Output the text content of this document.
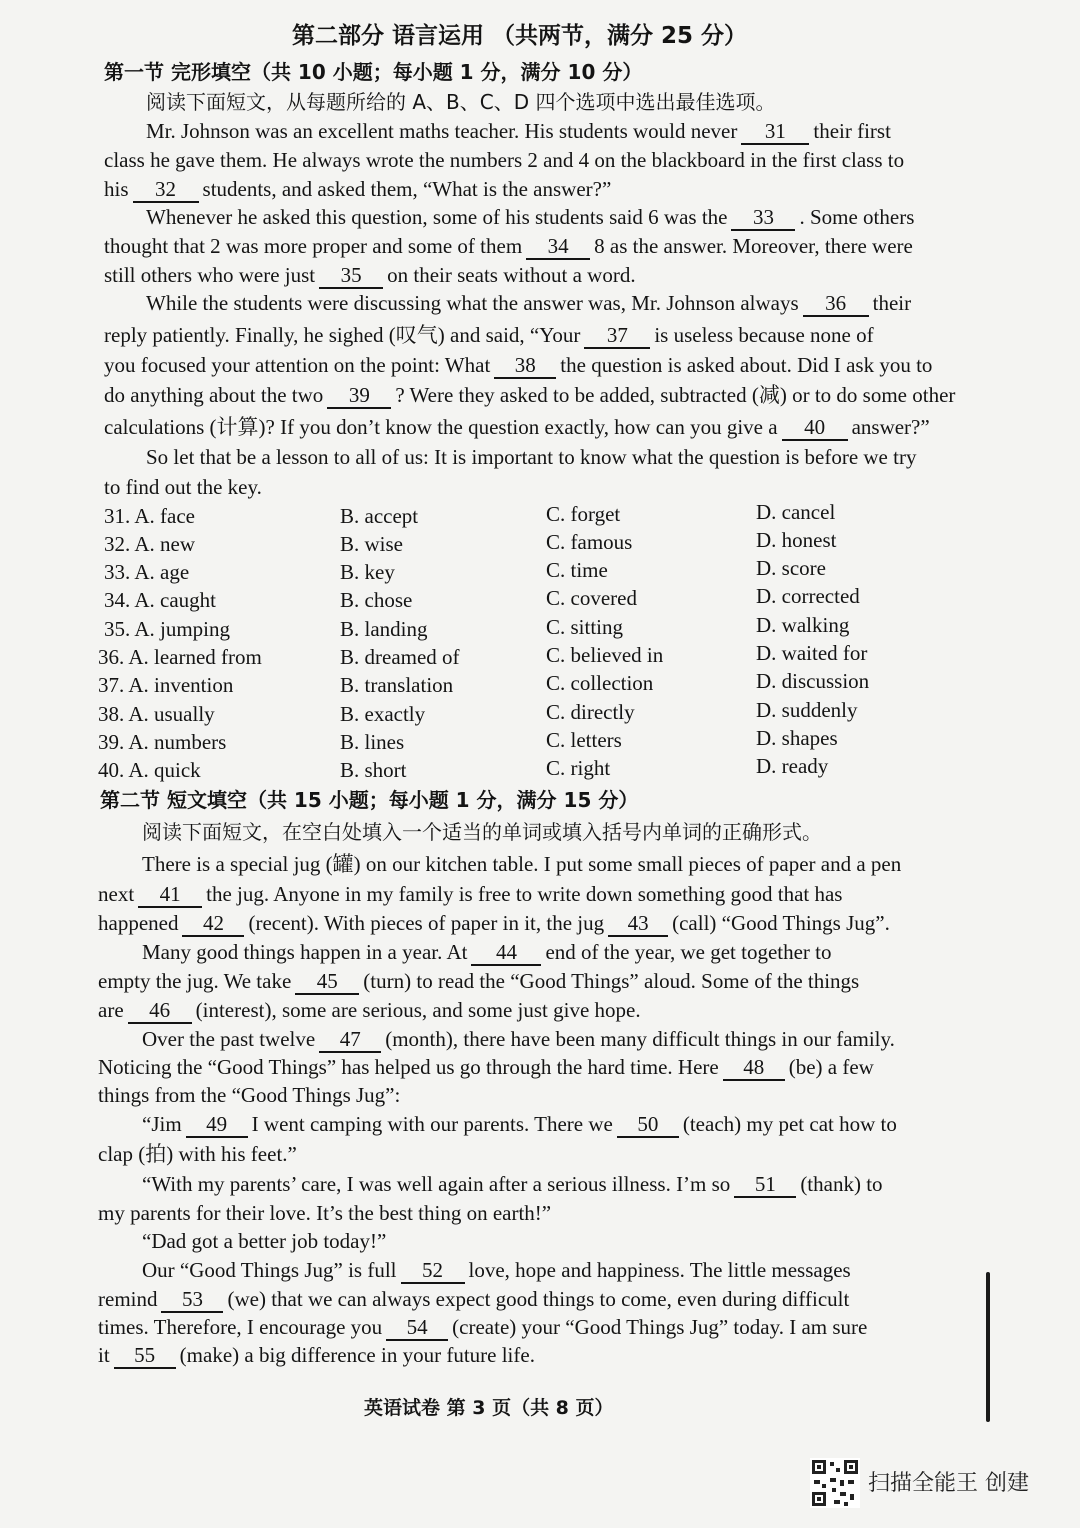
第二部分 语言运用 （共两节，满分 25 分）
第一节 完形填空（共 10 小题；每小题 1 分，满分 10 分）
阅读下面短文，从每题所给的 A、B、C、D 四个选项中选出最佳选项。
Mr. Johnson was an excellent maths teacher. His students would never 31 their first
class he gave them. He always wrote the numbers 2 and 4 on the blackboard in the first class to
his 32 students, and asked them, “What is the answer?”
Whenever he asked this question, some of his students said 6 was the 33 . Some others
thought that 2 was more proper and some of them 34 8 as the answer. Moreover, there were
still others who were just 35 on their seats without a word.
While the students were discussing what the answer was, Mr. Johnson always 36 their
reply patiently. Finally, he sighed (叹气) and said, “Your 37 is useless because none of
you focused your attention on the point: What 38 the question is asked about. Did I ask you to
do anything about the two 39 ? Were they asked to be added, subtracted (减) or to do some other
calculations (计算)? If you don’t know the question exactly, how can you give a 40 answer?”
So let that be a lesson to all of us: It is important to know what the question is before we try
to find out the key.
31. A. face	B. accept	C. forget	D. cancel
32. A. new	B. wise	C. famous	D. honest
33. A. age	B. key	C. time	D. score
34. A. caught	B. chose	C. covered	D. corrected
35. A. jumping	B. landing	C. sitting	D. walking
36. A. learned from	B. dreamed of	C. believed in	D. waited for
37. A. invention	B. translation	C. collection	D. discussion
38. A. usually	B. exactly	C. directly	D. suddenly
39. A. numbers	B. lines	C. letters	D. shapes
40. A. quick	B. short	C. right	D. ready
第二节 短文填空（共 15 小题；每小题 1 分，满分 15 分）
阅读下面短文，在空白处填入一个适当的单词或填入括号内单词的正确形式。
There is a special jug (罐) on our kitchen table. I put some small pieces of paper and a pen
next 41 the jug. Anyone in my family is free to write down something good that has
happened 42 (recent). With pieces of paper in it, the jug 43 (call) “Good Things Jug”.
Many good things happen in a year. At 44 end of the year, we get together to
empty the jug. We take 45 (turn) to read the “Good Things” aloud. Some of the things
are 46 (interest), some are serious, and some just give hope.
Over the past twelve 47 (month), there have been many difficult things in our family.
Noticing the “Good Things” has helped us go through the hard time. Here 48 (be) a few
things from the “Good Things Jug”:
“Jim 49 I went camping with our parents. There we 50 (teach) my pet cat how to
clap (拍) with his feet.”
“With my parents’ care, I was well again after a serious illness. I’m so 51 (thank) to
my parents for their love. It’s the best thing on earth!”
“Dad got a better job today!”
Our “Good Things Jug” is full 52 love, hope and happiness. The little messages
remind 53 (we) that we can always expect good things to come, even during difficult
times. Therefore, I encourage you 54 (create) your “Good Things Jug” today. I am sure
it 55 (make) a big difference in your future life.
英语试卷 第 3 页（共 8 页）
扫描全能王 创建
